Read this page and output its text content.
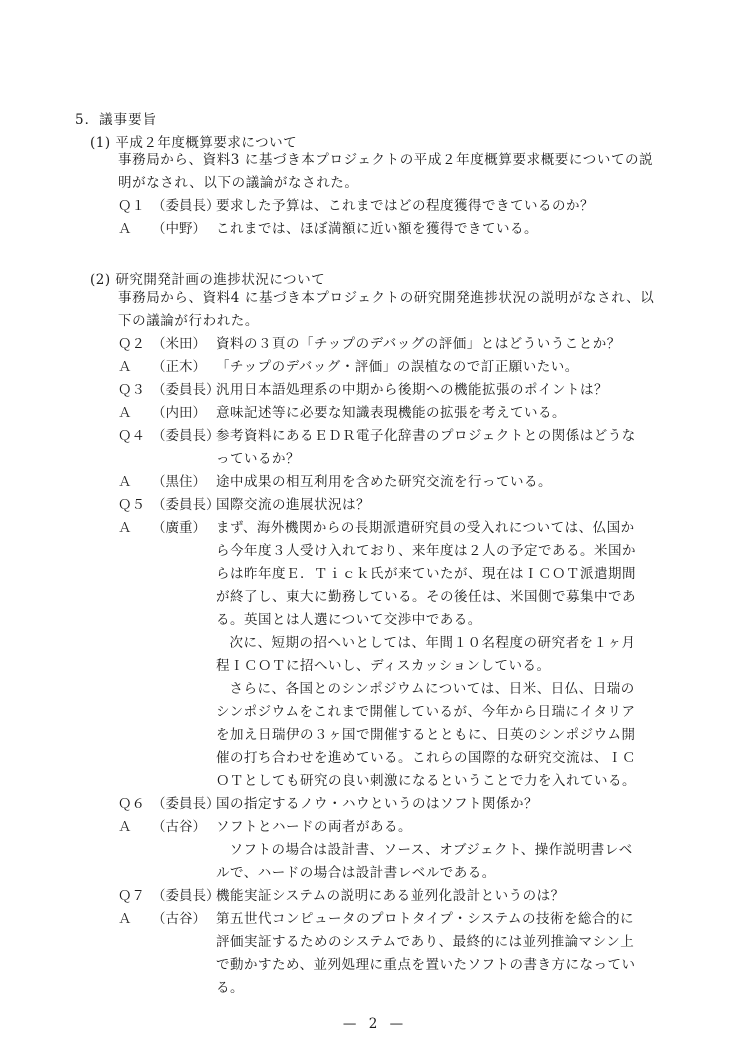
5．議事要旨
(1) 平成２年度概算要求について
事務局から、資料3 に基づき本プロジェクトの平成２年度概算要求概要についての説明がなされ、以下の議論がなされた。
Ｑ１ （委員長）

要求した予算は、これまではどの程度獲得できているのか？

Ａ	（中野） これまでは、ほぼ満額に近い額を獲得できている。

(2) 研究開発計画の進捗状況について
事務局から、資料4 に基づき本プロジェクトの研究開発進捗状況の説明がなされ、以下の議論が行われた。
Ｑ２ （米田） 資料の３頁の「チップのデバッグの評価」とはどういうことか？

Ａ	（正木） 「チップのデバッグ・評価」の誤植なので訂正願いたい。

Ｑ３ （委員長）

汎用日本語処理系の中期から後期への機能拡張のポイントは？

Ａ	（内田） 意味記述等に必要な知識表現機能の拡張を考えている。

Ｑ４ （委員長）

参考資料にあるＥＤＲ電子化辞書のプロジェクトとの関係はどうなっているか？

Ａ	（黒住） 途中成果の相互利用を含めた研究交流を行っている。

Ｑ５ （委員長）

国際交流の進展状況は？

Ａ	（廣重） まず、海外機関からの長期派遣研究員の受入れについては、仏国から今年度３人受け入れており、来年度は２人の予定である。米国からは昨年度Ｅ．Ｔｉｃｋ氏が来ていたが、現在はＩＣＯＴ派遣期間が終了し、東大に勤務している。その後任は、米国側で募集中である。英国とは人選について交渉中である。

次に、短期の招へいとしては、年間１０名程度の研究者を１ヶ月程ＩＣＯＴに招へいし、ディスカッションしている。

さらに、各国とのシンポジウムについては、日米、日仏、日瑞のシンポジウムをこれまで開催しているが、今年から日瑞にイタリアを加え日瑞伊の３ヶ国で開催するとともに、日英のシンポジウム開催の打ち合わせを進めている。これらの国際的な研究交流は、ＩＣＯＴとしても研究の良い刺激になるということで力を入れている。

Ｑ６ （委員長）

国の指定するノウ・ハウというのはソフト関係か？

Ａ	（古谷） ソフトとハードの両者がある。

ソフトの場合は設計書、ソース、オブジェクト、操作説明書レベルで、ハードの場合は設計書レベルである。

Ｑ７ （委員長）

機能実証システムの説明にある並列化設計というのは？

Ａ	（古谷） 第五世代コンピュータのプロトタイプ・システムの技術を総合的に評価実証するためのシステムであり、最終的には並列推論マシン上で動かすため、並列処理に重点を置いたソフトの書き方になっている。

— 2 —
